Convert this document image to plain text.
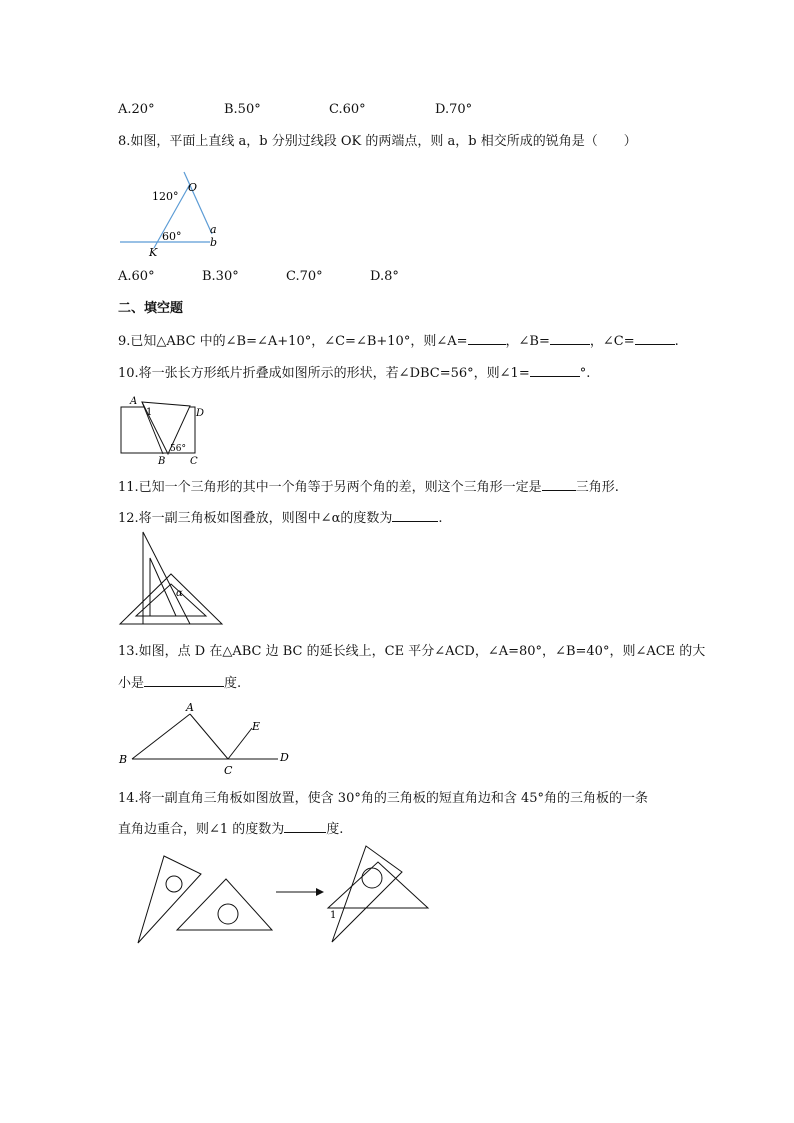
A.20°	B.50°	C.60°	D.70°
8.如图，平面上直线 a，b 分别过线段 OK 的两端点，则 a，b 相交所成的锐角是（　　）
120°
O
60°
K
a
b
A.60°	B.30°	C.70°	D.8°
二、填空题
9.已知△ABC 中的∠B=∠A+10°，∠C=∠B+10°，则∠A=	，∠B=	，∠C=	.
10.将一张长方形纸片折叠成如图所示的形状，若∠DBC=56°，则∠1=	°.
A
1	D
56°
B C
11.已知一个三角形的其中一个角等于另两个角的差，则这个三角形一定是	三角形.
12.将一副三角板如图叠放，则图中∠α的度数为	.
α
13.如图，点 D 在△ABC 边 BC 的延长线上，CE 平分∠ACD，∠A=80°，∠B=40°，则∠ACE 的大
小是	度.
A
B
C
D
E
14.将一副直角三角板如图放置，使含 30°角的三角板的短直角边和含 45°角的三角板的一条
直角边重合，则∠1 的度数为	度.
1
